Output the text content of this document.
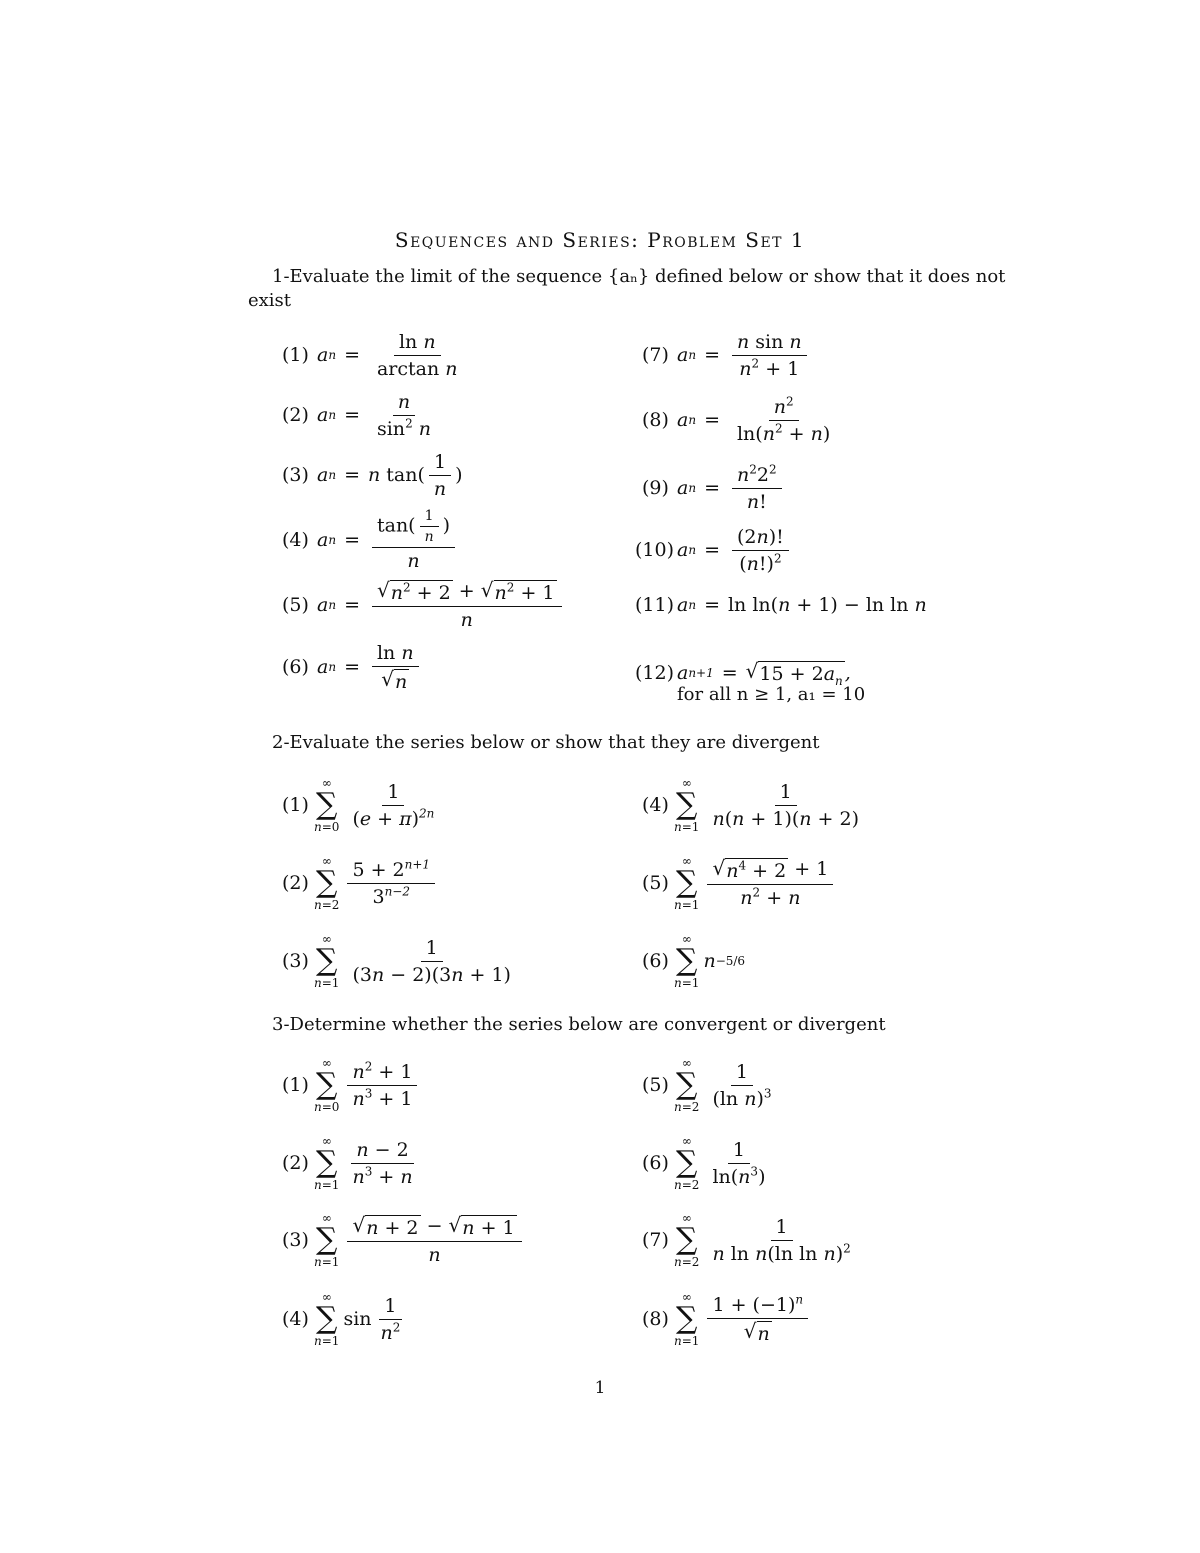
Sequences and Series: Problem Set 1
1-Evaluate the limit of the sequence {aₙ} defined below or show that it does not
exist
(1) a $n = \frac{\text{ln n}}{\text{arctan n}}$
(2) a $n = \frac{n}{\sin^2 n}$
(3) a n = n $\tan( \frac{1}{n}$ )
(4) a $n = \frac{\tan( \frac{1}{n} )}{n}$
(5) a $n = \frac{√ n^2 + 2 + √ n^2 + 1}{n}$
(6) a $n = \frac{\text{ln n}}{√ n}$
(7) a $n = \frac{\text{n sin n}}{n^2 + 1}$
(8) a $n = \frac{n^2}{\ln(n^2 + n)}$
(9) a $n = \frac{n^22^2}{n!}$
(10) a $n = \frac{(2n)!}{(n!)^2}$
(11) a n = ln ln( n + 1) − ln ln n
(12) a n+1 = √ $15 + 2a_n$ ,
for all n ≥ 1, a₁ = 10
2-Evaluate the series below or show that they are divergent
(1)
∞
∑
$n=0 \frac{1}{(e + \pi)^{2n}}$
(2)
∞
∑
$n=2 \frac{5 + 2^{n+1}}{3^{n-2}}$
(3)
∞
∑
$n=1 \frac{1}{(3n - 2)(3n + 1)}$
(4)
∞
∑
$n=1 \frac{1}{n(n + 1)(n + 2)}$
(5)
∞
∑
$n=1 \frac{√ n^4 + 2 + 1}{n^2 + n}$
(6)
∞
∑
n=1
n −5/6
3-Determine whether the series below are convergent or divergent
(1)
∞
∑
$n=0 \frac{n^2 + 1}{n^3 + 1}$
(2)
∞
∑
$n=1 \frac{n - 2}{n^3 + n}$
(3)
∞
∑
$n=1 \frac{√ n + 2 - √ n + 1}{n}$
(4)
∞
∑
n=1
$\sin \frac{1}{n^2}$
(5)
∞
∑
$n=2 \frac{1}{(\ln n)^3}$
(6)
∞
∑
$n=2 \frac{1}{\ln(n^3)}$
(7)
∞
∑
$n=2 \frac{1}{n \ln n(\ln \ln n)^2}$
(8)
∞
∑
$n=1 \frac{1 + (-1)^n}{√ n}$
1
